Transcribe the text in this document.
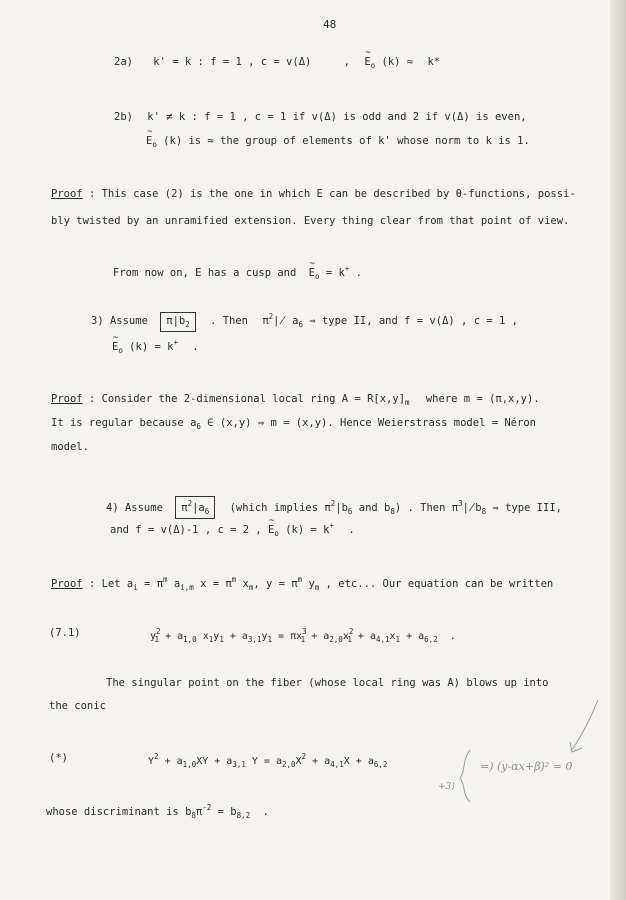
48
2a) k' = k : f = 1 , c = v(Δ)	, ~ $E_o$ (k) ≈ k*
2b) k' ≠ k : f = 1 , c = 1 if v(Δ) is odd and 2 if v(Δ) is even,
~ $E_o$ (k) is ≈ the group of elements of k' whose norm to k is 1.
Proof : This case (2) is the one in which E can be described by θ-functions, possi-
bly twisted by an unramified extension. Every thing clear from that point of view.
From now on, E has a cusp and ~ $E_o = k^+$ .
3) Assume $\pi|b_2$ . Then $\pi^2∤$ $a_6$ ⇒ type II, and f = v(Δ) , c = 1 ,
~ $E_o$ (k) = k+ .
Proof : Consider the 2-dimensional local ring $A = R[x,y]_m$ where m = (π,x,y).
It is regular because $a_6$ ∈ (x,y) ⇒ m = (x,y). Hence Weierstrass model = Néron
model.
4) Assume $\pi^2|a_6$ (which implies $\pi^2|b_6$ and $b_8$) . Then $\pi^3∤b_8$ ⇒ type III,
and f = v(Δ)-1 , c = 2 , ~ $E_o$ (k) = k+ .
Proof : Let $a_i = \pi^m$ $a_{i,m}$ $x = \pi^m$ $x_m$, $y = \pi^m$ $y_m$ , etc... Our equation can be written
(7.1)	$y^2_1 + a_{1,0}$ $x_1y_1 + a_{3,1}y_1 = \pi x^3_1 + a_{2,0}x^2_1 + a_{4,1}x_1 + a_{6,2}$ .
The singular point on the fiber (whose local ring was A) blows up into
the conic
(*)	$Y^2 + a_{1,0}XY + a_{3,1}$ $Y = a_{2,0}X^2 + a_{4,1}X + a_{6,2}$
whose discriminant is $b_8\pi^{-2} = b_{8,2}$ .
=) (y-αx+β)² = 0
+3)
